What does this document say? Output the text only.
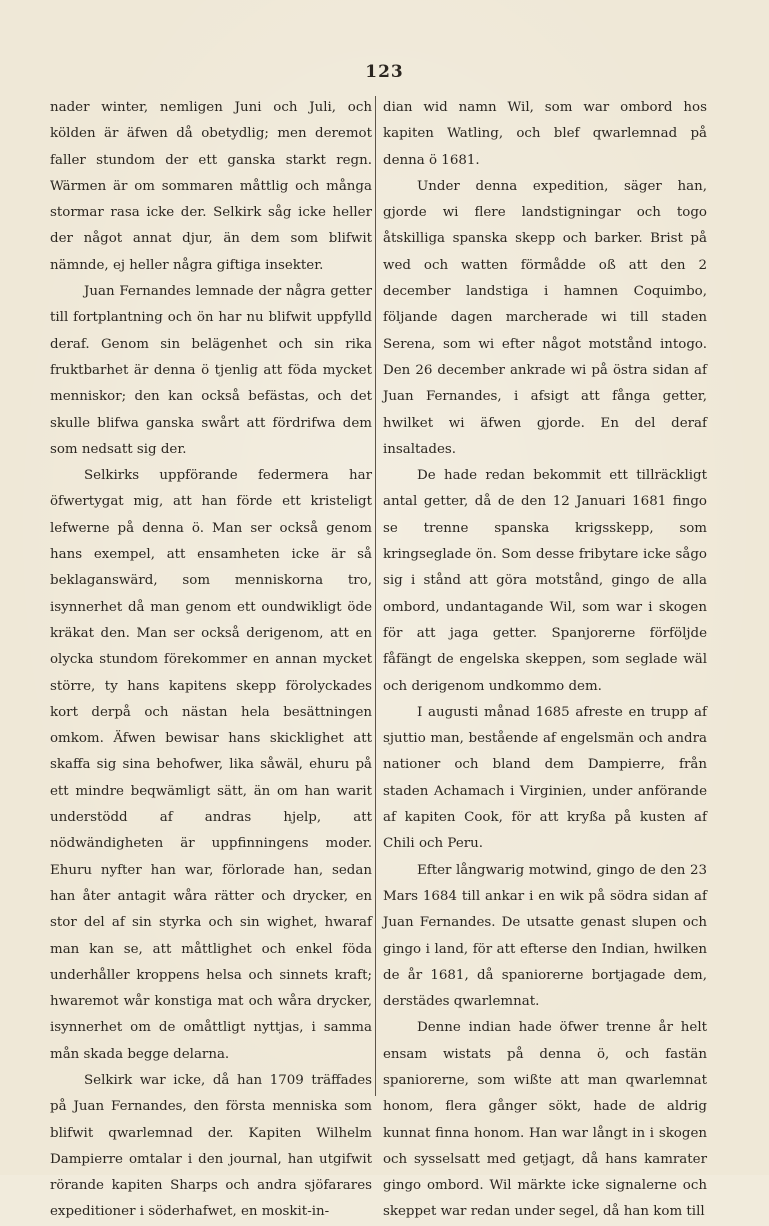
123

nader winter, nemligen Juni och Juli, och kölden är äfwen då obetydlig; men deremot faller stundom der ett ganska starkt regn. Wärmen är om sommaren måttlig och många stormar rasa icke der. Selkirk såg icke heller der något annat djur, än dem som blifwit nämnde, ej heller några giftiga insekter.

Juan Fernandes lemnade der några getter till fortplantning och ön har nu blifwit uppfylld deraf. Genom sin belägenhet och sin rika fruktbarhet är denna ö tjenlig att föda mycket menniskor; den kan också befästas, och det skulle blifwa ganska swårt att fördrifwa dem som nedsatt sig der.

Selkirks uppförande federmera har öfwertygat mig, att han förde ett kristeligt lefwerne på denna ö. Man ser också genom hans exempel, att ensamheten icke är så beklaganswärd, som menniskorna tro, isynnerhet då man genom ett oundwikligt öde kräkat den. Man ser också derigenom, att en olycka stundom förekommer en annan mycket större, ty hans kapitens skepp förolyckades kort derpå och nästan hela besättningen omkom. Äfwen bewisar hans skicklighet att skaffa sig sina behofwer, lika såwäl, ehuru på ett mindre beqwämligt sätt, än om han warit understödd af andras hjelp, att nödwändigheten är uppfinningens moder. Ehuru nyfter han war, förlorade han, sedan han åter antagit wåra rätter och drycker, en stor del af sin styrka och sin wighet, hwaraf man kan se, att måttlighet och enkel föda underhåller kroppens helsa och sinnets kraft; hwaremot wår konstiga mat och wåra drycker, isynnerhet om de omåttligt nyttjas, i samma mån skada begge delarna.

Selkirk war icke, då han 1709 träffades på Juan Fernandes, den första menniska som blifwit qwarlemnad der. Kapiten Wilhelm Dampierre omtalar i den journal, han utgifwit rörande kapiten Sharps och andra sjöfarares expeditioner i söderhafwet, en moskit-in-

dian wid namn Wil, som war ombord hos kapiten Watling, och blef qwarlemnad på denna ö 1681.

Under denna expedition, säger han, gjorde wi flere landstigningar och togo åtskilliga spanska skepp och barker. Brist på wed och watten förmådde oß att den 2 december landstiga i hamnen Coquimbo, följande dagen marcherade wi till staden Serena, som wi efter något motstånd intogo. Den 26 december ankrade wi på östra sidan af Juan Fernandes, i afsigt att fånga getter, hwilket wi äfwen gjorde. En del deraf insaltades.

De hade redan bekommit ett tillräckligt antal getter, då de den 12 Januari 1681 fingo se trenne spanska krigsskepp, som kringseglade ön. Som desse fribytare icke sågo sig i stånd att göra motstånd, gingo de alla ombord, undantagande Wil, som war i skogen för att jaga getter. Spanjorerne förföljde fåfängt de engelska skeppen, som seglade wäl och derigenom undkommo dem.

I augusti månad 1685 afreste en trupp af sjuttio man, bestående af engelsmän och andra nationer och bland dem Dampierre, från staden Achamach i Virginien, under anförande af kapiten Cook, för att kryßa på kusten af Chili och Peru.

Efter långwarig motwind, gingo de den 23 Mars 1684 till ankar i en wik på södra sidan af Juan Fernandes. De utsatte genast slupen och gingo i land, för att efterse den Indian, hwilken de år 1681, då spaniorerne bortjagade dem, derstädes qwarlemnat.

Denne indian hade öfwer trenne år helt ensam wistats på denna ö, och fastän spaniorerne, som wißte att man qwarlemnat honom, flera gånger sökt, hade de aldrig kunnat finna honom. Han war långt in i skogen och sysselsatt med getjagt, då hans kamrater gingo ombord. Wil märkte icke signalerne och skeppet war redan under segel, då han kom till
